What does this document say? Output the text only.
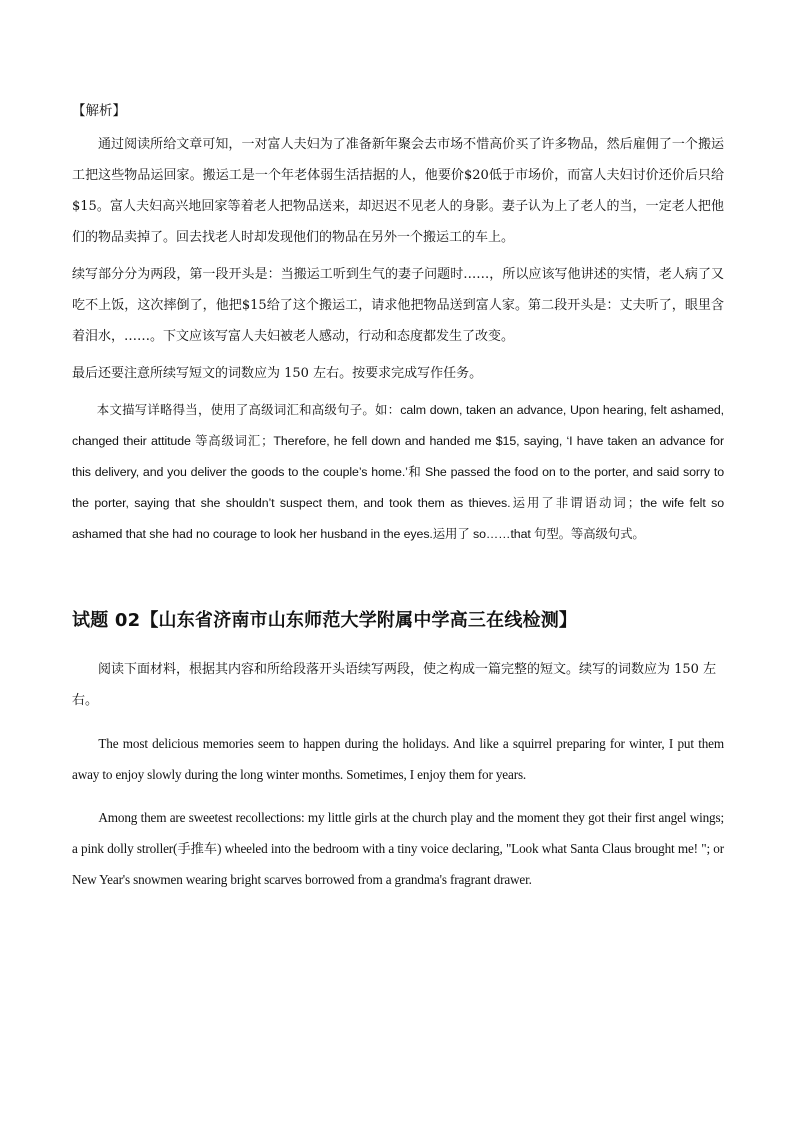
【解析】

通过阅读所给文章可知，一对富人夫妇为了准备新年聚会去市场不惜高价买了许多物品，然后雇佣了一个搬运工把这些物品运回家。搬运工是一个年老体弱生活拮据的人，他要价$20低于市场价，而富人夫妇讨价还价后只给$15。富人夫妇高兴地回家等着老人把物品送来，却迟迟不见老人的身影。妻子认为上了老人的当，一定老人把他们的物品卖掉了。回去找老人时却发现他们的物品在另外一个搬运工的车上。

续写部分分为两段，第一段开头是：当搬运工听到生气的妻子问题时……，所以应该写他讲述的实情，老人病了又吃不上饭，这次摔倒了，他把$15给了这个搬运工，请求他把物品送到富人家。第二段开头是：丈夫听了，眼里含着泪水，……。下文应该写富人夫妇被老人感动，行动和态度都发生了改变。

最后还要注意所续写短文的词数应为 150 左右。按要求完成写作任务。

本文描写详略得当，使用了高级词汇和高级句子。如：calm down, taken an advance, Upon hearing, felt ashamed, changed their attitude 等高级词汇；Therefore, he fell down and handed me $15, saying, ‘I have taken an advance for this delivery, and you deliver the goods to the couple’s home.’和 She passed the food on to the porter, and said sorry to the porter, saying that she shouldn’t suspect them, and took them as thieves.运用了非谓语动词；the wife felt so ashamed that she had no courage to look her husband in the eyes.运用了 so……that 句型。等高级句式。

试题 02【山东省济南市山东师范大学附属中学高三在线检测】

阅读下面材料，根据其内容和所给段落开头语续写两段，使之构成一篇完整的短文。续写的词数应为 150 左右。

The most delicious memories seem to happen during the holidays. And like a squirrel preparing for winter, I put them away to enjoy slowly during the long winter months. Sometimes, I enjoy them for years.

Among them are sweetest recollections: my little girls at the church play and the moment they got their first angel wings; a pink dolly stroller(手推车) wheeled into the bedroom with a tiny voice declaring, "Look what Santa Claus brought me! "; or New Year's snowmen wearing bright scarves borrowed from a grandma's fragrant drawer.
